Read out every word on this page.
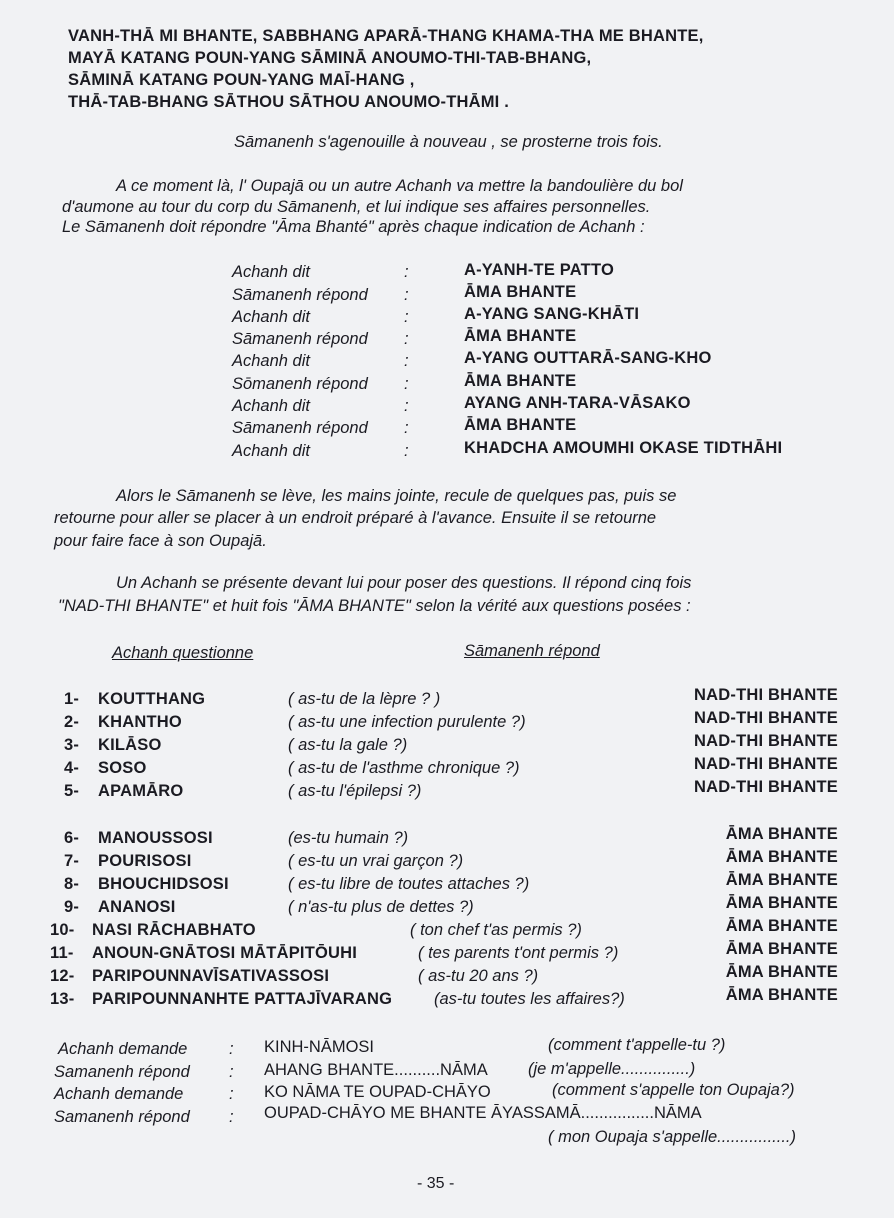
VANH-THĀ MI BHANTE, SABBHANG APARĀ-THANG KHAMA-THA ME BHANTE,
MAYĀ KATANG POUN-YANG SĀMINĀ ANOUMO-THI-TAB-BHANG,
SĀMINĀ KATANG POUN-YANG MAĪ-HANG ,
THĀ-TAB-BHANG SĀTHOU SĀTHOU ANOUMO-THĀMI .
Sāmanenh s'agenouille à nouveau , se prosterne trois fois.
A ce moment là, l' Oupajā ou un autre Achanh va mettre la bandoulière du bol
d'aumone au tour du corp du Sāmanenh, et lui indique ses affaires personnelles.
Le Sāmanenh doit répondre "Āma Bhanté" après chaque indication de Achanh :
Achanh dit	:	A-YANH-TE PATTO
Sāmanenh répond :	ĀMA BHANTE
Achanh dit	:	A-YANG SANG-KHĀTI
Sāmanenh répond :	ĀMA BHANTE
Achanh dit	:	A-YANG OUTTARĀ-SANG-KHO
Sōmanenh répond :	ĀMA BHANTE
Achanh dit	:	AYANG ANH-TARA-VĀSAKO
Sāmanenh répond :	ĀMA BHANTE
Achanh dit	:	KHADCHA AMOUMHI OKASE TIDTHĀHI
Alors le Sāmanenh se lève, les mains jointe, recule de quelques pas, puis se
retourne pour aller se placer à un endroit préparé à l'avance. Ensuite il se retourne
pour faire face à son Oupajā.
Un Achanh se présente devant lui pour poser des questions. Il répond cinq fois
"NAD-THI BHANTE" et huit fois "ĀMA BHANTE" selon la vérité aux questions posées :
Achanh questionne	Sāmanenh répond
1- KOUTTHANG	( as-tu de la lèpre ? )	NAD-THI BHANTE
2- KHANTHO	( as-tu une infection purulente ?)	NAD-THI BHANTE
3- KILĀSO	( as-tu la gale ?)	NAD-THI BHANTE
4- SOSO	( as-tu de l'asthme chronique ?)	NAD-THI BHANTE
5- APAMĀRO	( as-tu l'épilepsi ?)	NAD-THI BHANTE
6- MANOUSSOSI	(es-tu humain ?)	ĀMA BHANTE
7- POURISOSI	( es-tu un vrai garçon ?)	ĀMA BHANTE
8- BHOUCHIDSOSI	( es-tu libre de toutes attaches ?)	ĀMA BHANTE
9- ANANOSI	( n'as-tu plus de dettes ?)	ĀMA BHANTE
10- NASI RĀCHABHATO	( ton chef t'as permis ?)	ĀMA BHANTE
11- ANOUN-GNĀTOSI MĀTĀPITŌUHI	( tes parents t'ont permis ?)	ĀMA BHANTE
12- PARIPOUNNAVĪSATIVASSOSI	( as-tu 20 ans ?)	ĀMA BHANTE
13- PARIPOUNNANHTE PATTAJĪVARANG	(as-tu toutes les affaires?)	ĀMA BHANTE
Achanh demande	: KINH-NĀMOSI	(comment t'appelle-tu ?)
Samanenh répond : AHANG BHANTE..........NĀMA (je m'appelle...............)
Achanh demande	: KO NĀMA TE OUPAD-CHĀYO	(comment s'appelle ton Oupaja?)
Samanenh répond : OUPAD-CHĀYO ME BHANTE ĀYASSAMĀ................NĀMA
( mon Oupaja s'appelle................)
- 35 -
